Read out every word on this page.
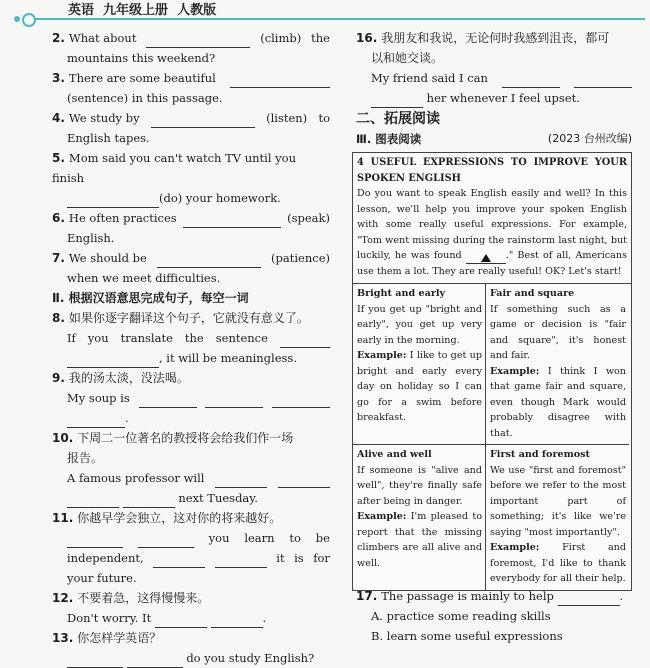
英语  九年级上册  人教版
2. What about	(climb) the
mountains this weekend?
3. There are some beautiful
(sentence) in this passage.
4. We study by	(listen) to
English tapes.
5. Mom said you can't watch TV until you finish
(do) your homework.
6. He often practices	(speak)
English.
7. We should be	(patience)
when we meet difficulties.
Ⅱ. 根据汉语意思完成句子，每空一词
8. 如果你逐字翻译这个句子，它就没有意义了。
If you translate the sentence
, it will be meaningless.
9. 我的汤太淡，没法喝。
My soup is
.
10. 下周二一位著名的教授将会给我们作一场
报告。
A famous professor will
next Tuesday.
11. 你越早学会独立，这对你的将来越好。
you learn to be
independent,	it is for
your future.
12. 不要着急，这得慢慢来。
Don't worry. It	.
13. 你怎样学英语？
do you study English?
16. 我朋友和我说，无论何时我感到沮丧，都可
以和她交谈。
My friend said I can
her whenever I feel upset.
二、拓展阅读
Ⅲ. 图表阅读	(2023 台州改编)
4 USEFUL EXPRESSIONS TO IMPROVE YOUR SPOKEN ENGLISH
Do you want to speak English easily and well? In this lesson, we'll help you improve your spoken English with some really useful expressions. For example, "Tom went missing during the rainstorm last night, but luckily, he was found	." Best of all, Americans use them a lot. They are really useful! OK? Let's start!
Bright and early
If you get up "bright and early", you get up very early in the morning.
Example: I like to get up bright and early every day on holiday so I can go for a swim before breakfast.
Fair and square
If something such as a game or decision is "fair and square", it's honest and fair.
Example: I think I won that game fair and square, even though Mark would probably disagree with that.
Alive and well
If someone is "alive and well", they're finally safe after being in danger.
Example: I'm pleased to report that the missing climbers are all alive and well.
First and foremost
We use "first and foremost" before we refer to the most important part of something; it's like we're saying "most importantly".
Example: First and foremost, I'd like to thank everybody for all their help.
17. The passage is mainly to help	.
A. practice some reading skills
B. learn some useful expressions
